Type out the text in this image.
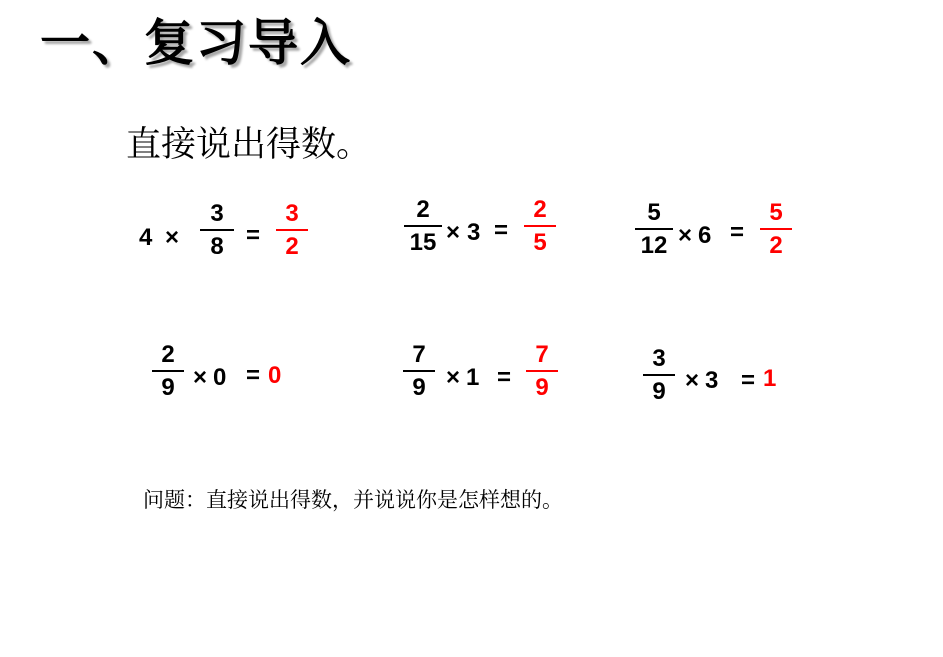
一、复习导入
直接说出得数。
4 ×
3
8 =
3
2
2
15 × 3 =
2
5
5
12 × 6 =
5
2
2
9 × 0 = 0
7
9 × 1 =
7
9
3
9 × 3 = 1
问题：直接说出得数，并说说你是怎样想的。
